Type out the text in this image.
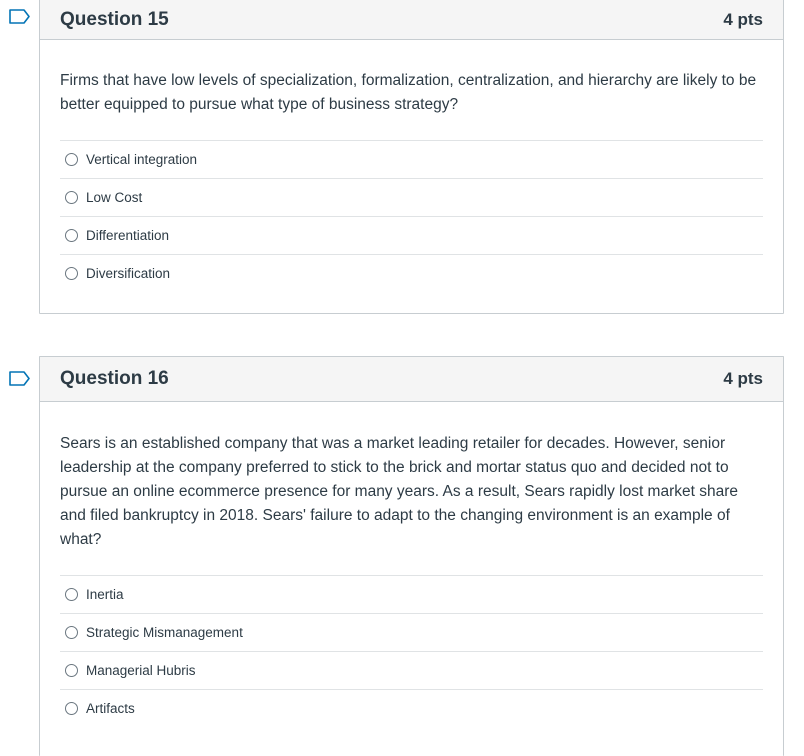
Question 15	4 pts

Firms that have low levels of specialization, formalization, centralization, and hierarchy are likely to be better equipped to pursue what type of business strategy?

Vertical integration
Low Cost
Differentiation
Diversification
Question 16	4 pts

Sears is an established company that was a market leading retailer for decades. However, senior leadership at the company preferred to stick to the brick and mortar status quo and decided not to pursue an online ecommerce presence for many years. As a result, Sears rapidly lost market share and filed bankruptcy in 2018. Sears' failure to adapt to the changing environment is an example of what?

Inertia
Strategic Mismanagement
Managerial Hubris
Artifacts
